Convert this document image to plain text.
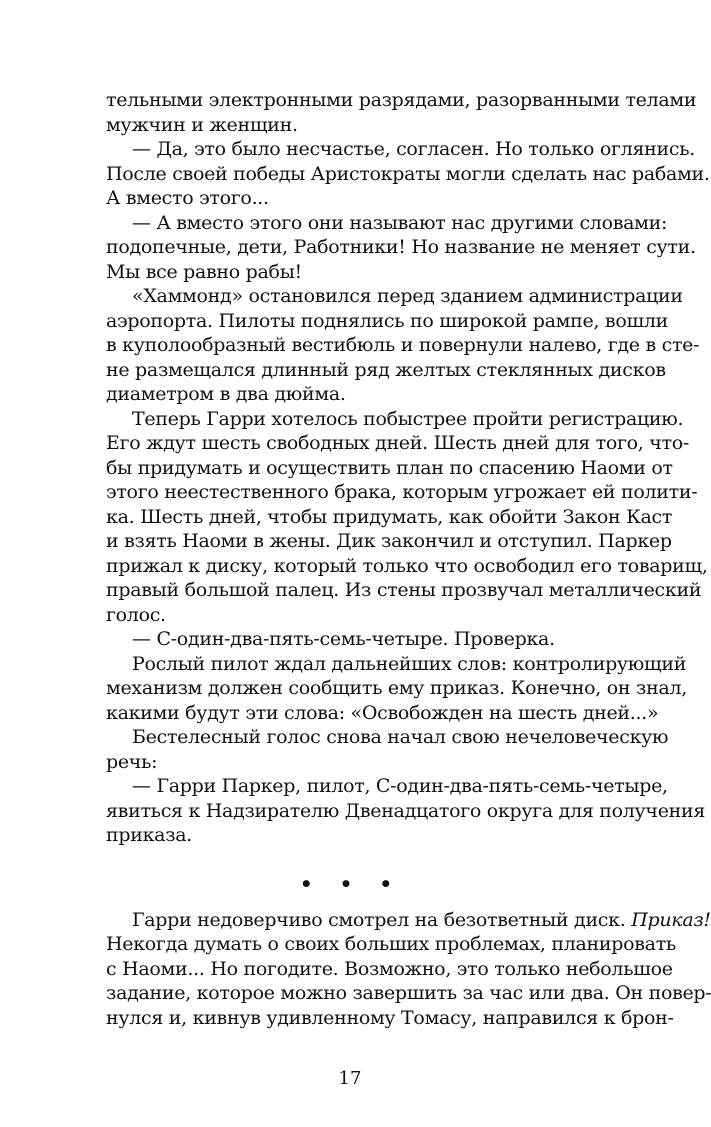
тельными электронными разрядами, разорванными телами
мужчин и женщин.

— Да, это было несчастье, согласен. Но только оглянись.
После своей победы Аристократы могли сделать нас рабами.
А вместо этого...

— А вместо этого они называют нас другими словами:
подопечные, дети, Работники! Но название не меняет сути.
Мы все равно рабы!

«Хаммонд» остановился перед зданием администрации
аэропорта. Пилоты поднялись по широкой рампе, вошли
в куполообразный вестибюль и повернули налево, где в сте-
не размещался длинный ряд желтых стеклянных дисков
диаметром в два дюйма.

Теперь Гарри хотелось побыстрее пройти регистрацию.
Его ждут шесть свободных дней. Шесть дней для того, что-
бы придумать и осуществить план по спасению Наоми от
этого неестественного брака, которым угрожает ей полити-
ка. Шесть дней, чтобы придумать, как обойти Закон Каст
и взять Наоми в жены. Дик закончил и отступил. Паркер
прижал к диску, который только что освободил его товарищ,
правый большой палец. Из стены прозвучал металлический
голос.

— С-один-два-пять-семь-четыре. Проверка.

Рослый пилот ждал дальнейших слов: контролирующий
механизм должен сообщить ему приказ. Конечно, он знал,
какими будут эти слова: «Освобожден на шесть дней...»

Бестелесный голос снова начал свою нечеловеческую
речь:

— Гарри Паркер, пилот, С-один-два-пять-семь-четыре,
явиться к Надзирателю Двенадцатого округа для получения
приказа.

• • •

Гарри недоверчиво смотрел на безответный диск. Приказ!
Некогда думать о своих больших проблемах, планировать
с Наоми... Но погодите. Возможно, это только небольшое
задание, которое можно завершить за час или два. Он повер-
нулся и, кивнув удивленному Томасу, направился к брон-

17
